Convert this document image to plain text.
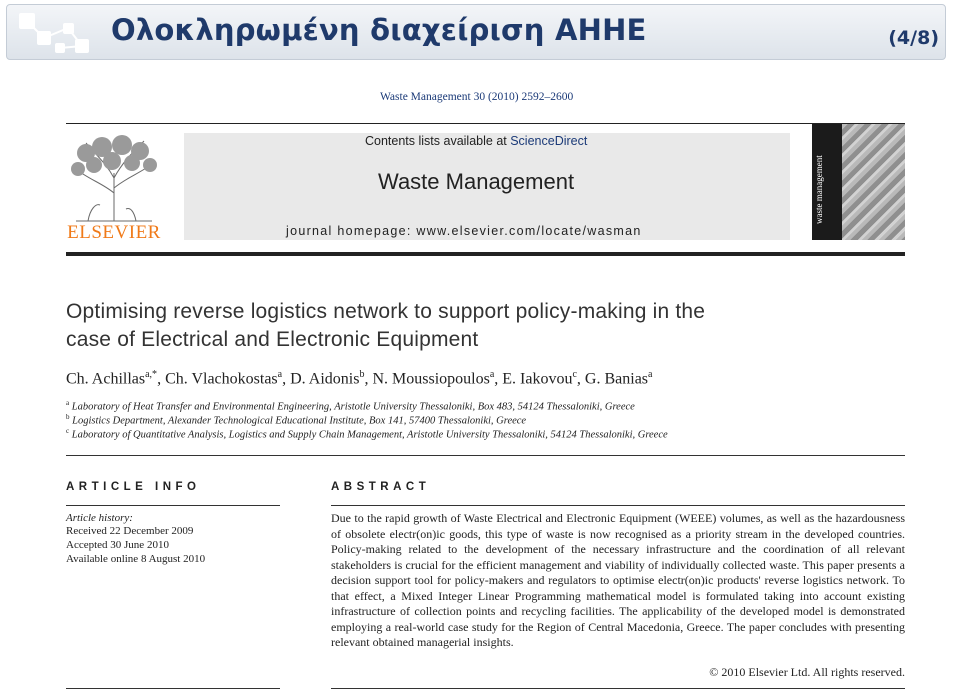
Ολοκληρωμένη διαχείριση ΑΗΗΕ	(4/8)
Waste Management 30 (2010) 2592–2600
ELSEVIER
Contents lists available at ScienceDirect
Waste Management
journal homepage: www.elsevier.com/locate/wasman
waste management
Optimising reverse logistics network to support policy-making in the
case of Electrical and Electronic Equipment
Ch. Achillas$^{a,*}$, Ch. Vlachokostas$^a$, D. Aidonis$^b$, N. Moussiopoulos$^a$, E. Iakovou$^c$, G. Banias$^a$
$^a$ Laboratory of Heat Transfer and Environmental Engineering, Aristotle University Thessaloniki, Box 483, 54124 Thessaloniki, Greece
$^b$ Logistics Department, Alexander Technological Educational Institute, Box 141, 57400 Thessaloniki, Greece
$^c$ Laboratory of Quantitative Analysis, Logistics and Supply Chain Management, Aristotle University Thessaloniki, 54124 Thessaloniki, Greece
ARTICLE INFO	ABSTRACT
Article history:
Received 22 December 2009
Accepted 30 June 2010
Available online 8 August 2010
Due to the rapid growth of Waste Electrical and Electronic Equipment (WEEE) volumes, as well as the hazardousness of obsolete electr(on)ic goods, this type of waste is now recognised as a priority stream in the developed countries. Policy-making related to the development of the necessary infrastructure and the coordination of all relevant stakeholders is crucial for the efficient management and viability of individually collected waste. This paper presents a decision support tool for policy-makers and regulators to optimise electr(on)ic products' reverse logistics network. To that effect, a Mixed Integer Linear Programming mathematical model is formulated taking into account existing infrastructure of collection points and recycling facilities. The applicability of the developed model is demonstrated employing a real-world case study for the Region of Central Macedonia, Greece. The paper concludes with presenting relevant obtained managerial insights.
© 2010 Elsevier Ltd. All rights reserved.
